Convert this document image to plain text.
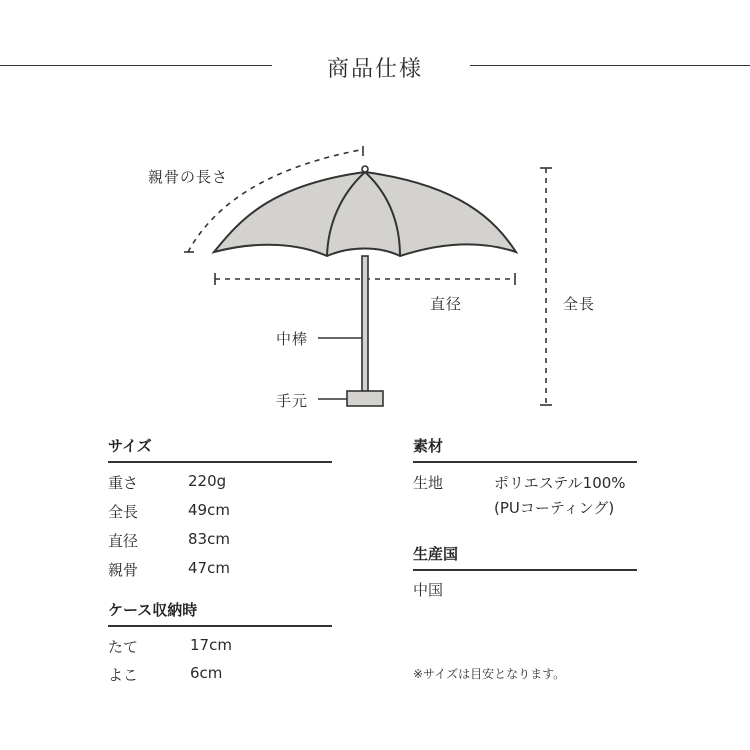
商品仕様
親骨の長さ
直径	全長
中棒
手元
サイズ
重さ	220g
全長	49cm
直径	83cm
親骨	47cm
ケース収納時
たて	17cm
よこ	6cm
素材
生地	ポリエステル100%
(PUコーティング)
生産国
中国
※サイズは目安となります。
